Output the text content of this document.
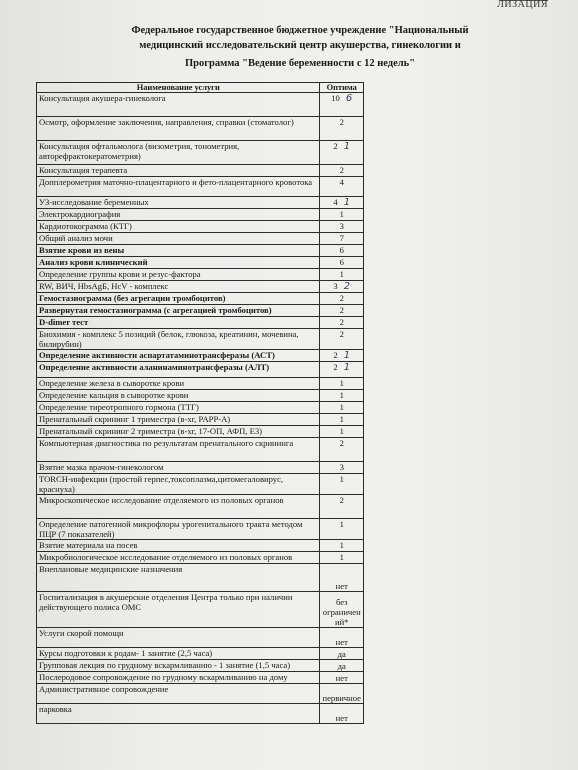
ЛИЗАЦИЯ
Федеральное государственное бюджетное учреждение "Национальный
медицинский исследовательский центр акушерства, гинекологии и
Программа "Ведение беременности с 12 недель"
Наименование услуги	Оптима
Консультация акушера-гинеколога	10 6
Осмотр, оформление заключения, направления, справки (стоматолог)	2
Консультация офтальмолога (визометрия, тонометрия, авторефрактокератометрия)	2 1
Консультация терапевта	2
Допплерометрия маточно-плацентарного и фето-плацентарного кровотока	4
УЗ-исследование беременных	4 1
Электрокардиография	1
Кардиотокограмма (КТГ)	3
Общий анализ мочи	7
Взятие крови из вены	6
Анализ крови клинический	6
Определение группы крови и резус-фактора	1
RW, ВИЧ, HbsAgБ, HcV - комплекс	3 2
Гемостазиограмма (без агрегации тромбоцитов)	2
Развернутая гемостазиограмма (с агрегацией тромбоцитов)	2
D-dimer тест	2
Биохимия - комплекс 5 позиций (белок, глюкоза, креатинин, мочевина, билирубин)	2
Определение активности аспартатаминотрансферазы (АСТ)	2 1
Определение активности аланинаминотрансферазы (АЛТ)	2 1
Определение железа в сыворотке крови	1
Определение кальция в сыворотке крови	1
Определение тиреотропного гормона (ТТГ)	1
Пренатальный скрининг 1 триместра (в-хг, PAPP-A)	1
Пренатальный скрининг 2 триместра (в-хг, 17-ОП, АФП, Е3)	1
Компьютерная диагностика по результатам пренатального скрининга	2
Взятие мазка врачом-гинекологом	3
TORCH-инфекции (простой герпес,токсоплазма,цитомегаловирус, краснуха)	1
Микроскопическое исследование отделяемого из половых органов	2
Определение патогенной микрофлоры урогенитального тракта методом ПЦР (7 показателей)	1
Взятие материала на посев	1
Микробиологическое исследование отделяемого из половых органов	1
Внеплановые медицинские назначения	нет
Госпитализация в акушерские отделения Центра только при наличии действующего полиса ОМС	без ограничен ий*
Услуги скорой помощи	нет
Курсы подготовки к родам- 1 занятие (2,5 часа)	да
Групповая лекция по грудному вскармливанию - 1 занятие (1,5 часа)	да
Послеродовое сопровождение по грудному вскармливанию на дому	нет
Административное сопровождение	первичное
парковка	нет
